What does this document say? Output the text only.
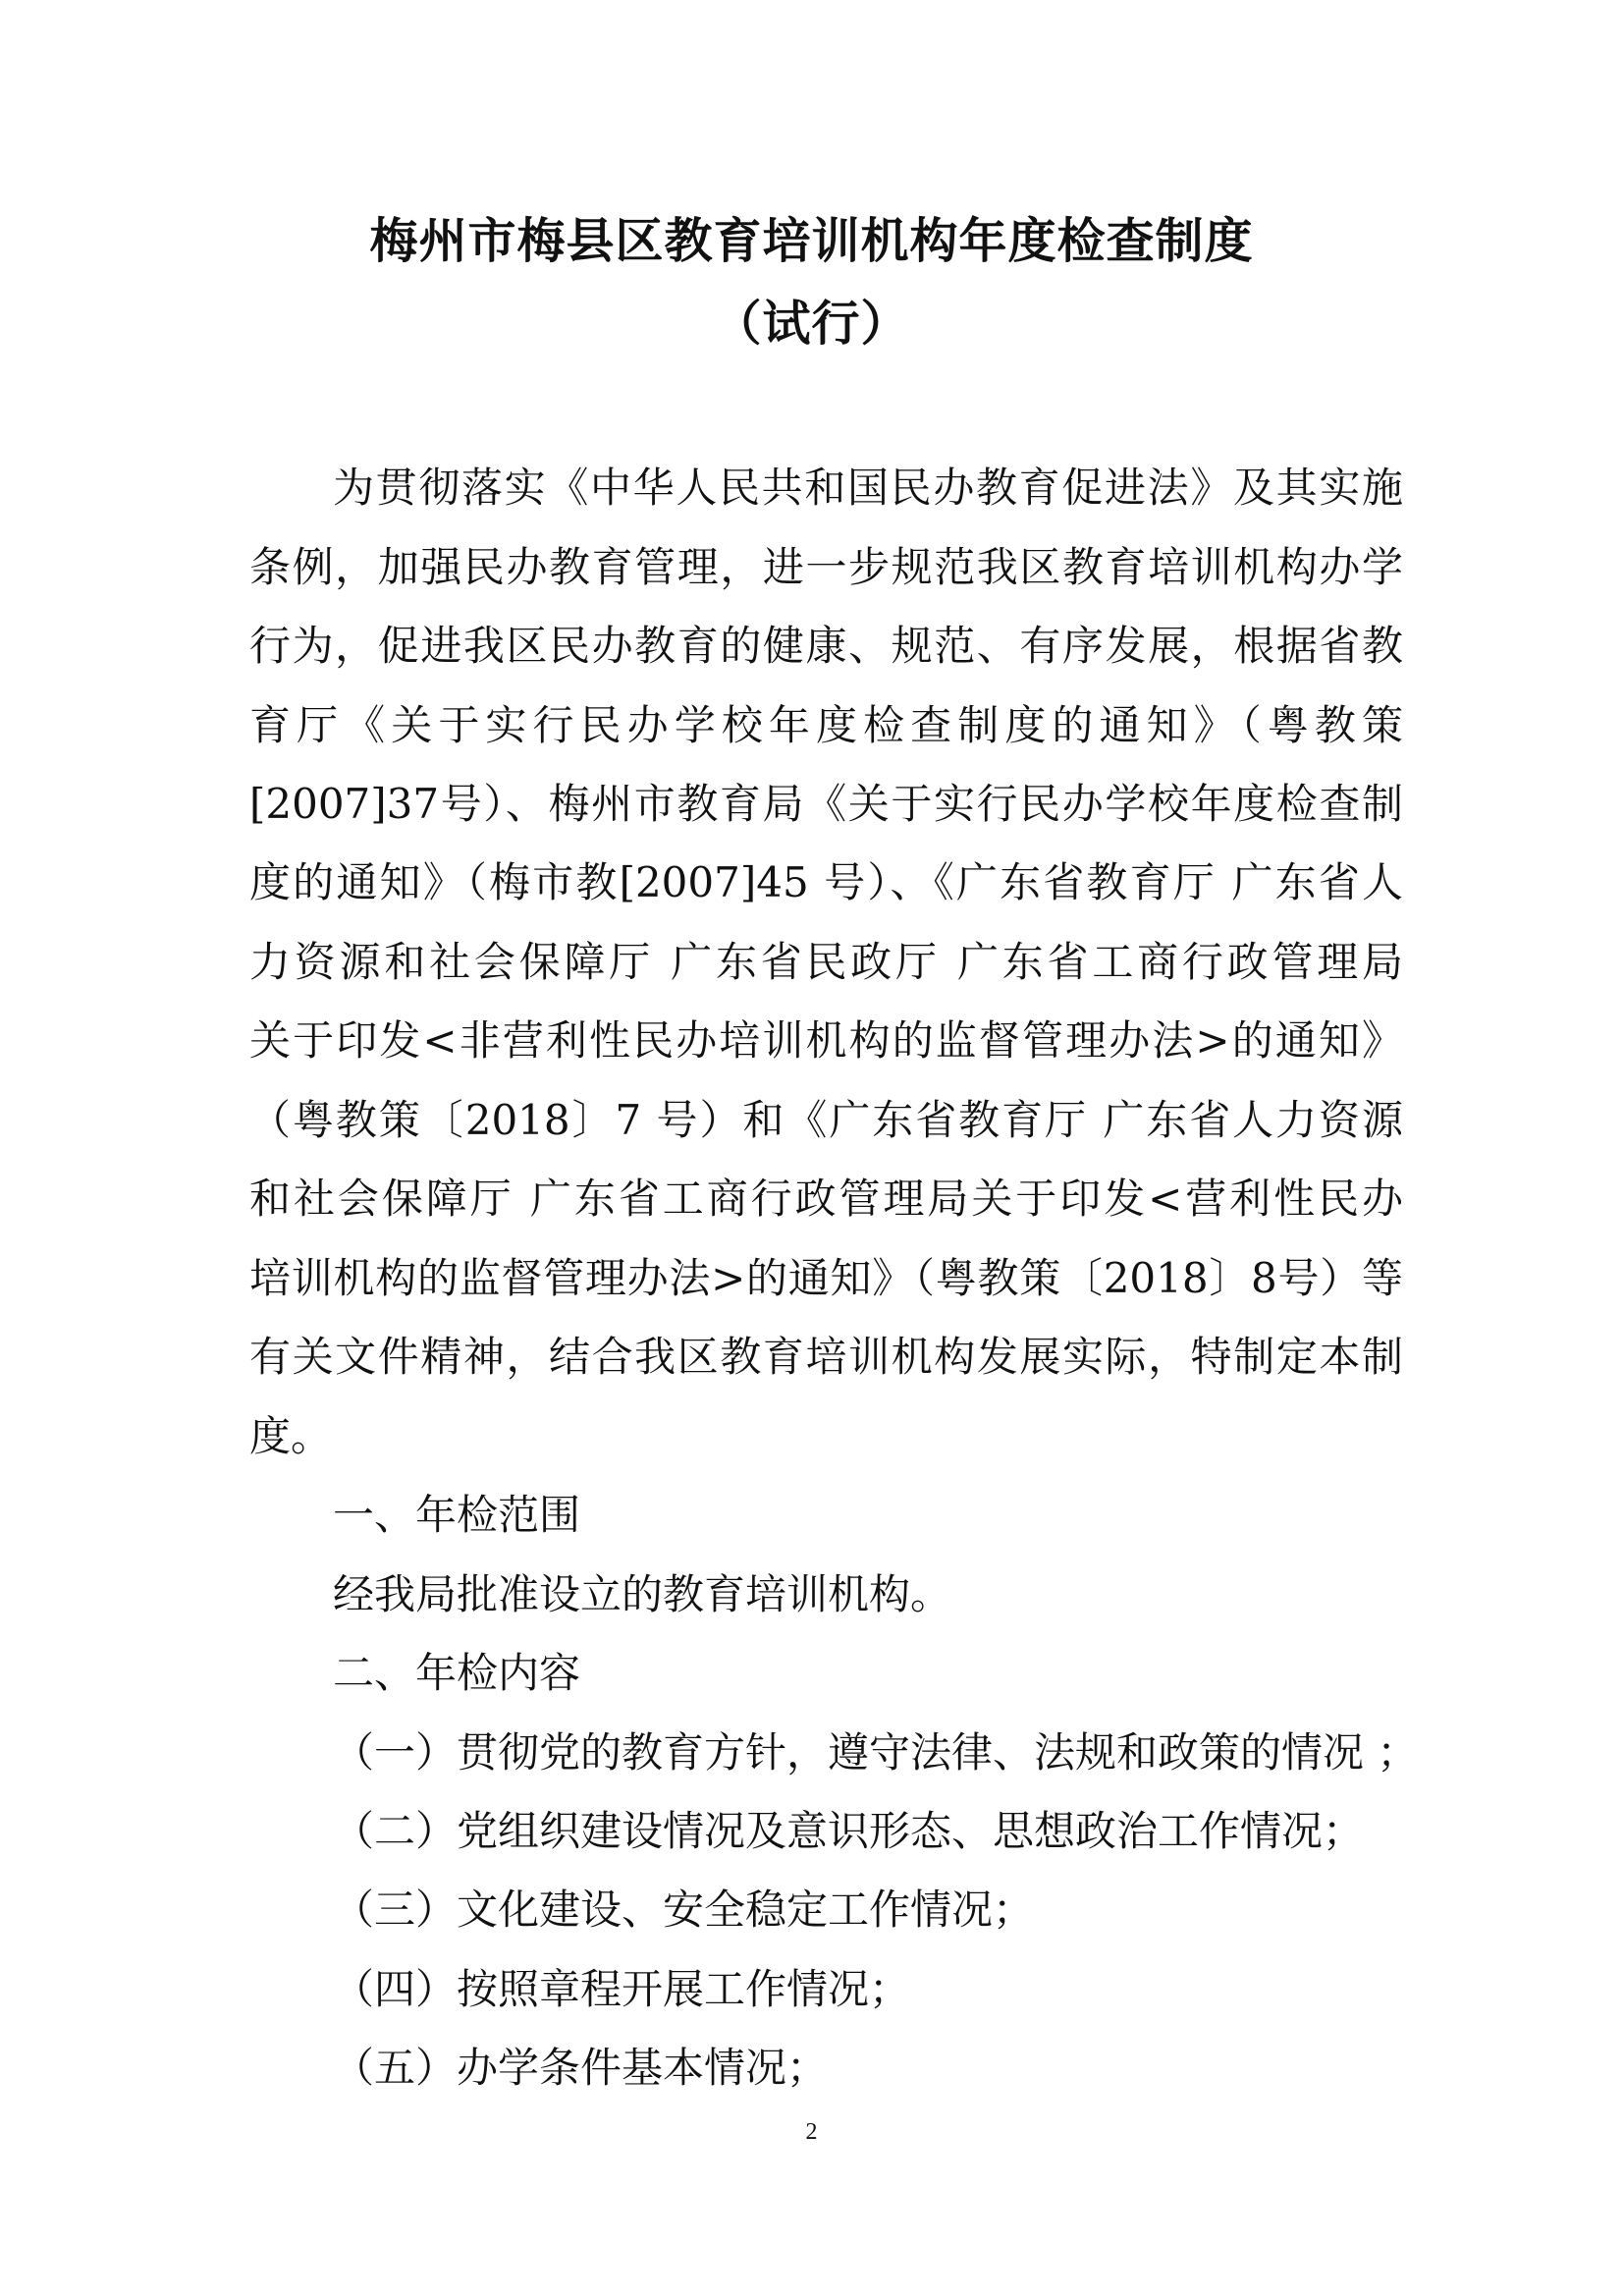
梅州市梅县区教育培训机构年度检查制度
（试行）
为贯彻落实《中华人民共和国民办教育促进法》及其实施
条例，加强民办教育管理，进一步规范我区教育培训机构办学
行为，促进我区民办教育的健康、规范、有序发展，根据省教
育厅《关于实行民办学校年度检查制度的通知》（粤教策
[2007]37号）、梅州市教育局《关于实行民办学校年度检查制
度的通知》（梅市教[2007]45 号）、《广东省教育厅 广东省人
力资源和社会保障厅 广东省民政厅 广东省工商行政管理局
关于印发<非营利性民办培训机构的监督管理办法>的通知》
（粤教策〔2018〕7 号）和《广东省教育厅 广东省人力资源
和社会保障厅 广东省工商行政管理局关于印发<营利性民办
培训机构的监督管理办法>的通知》（粤教策〔2018〕8号）等
有关文件精神，结合我区教育培训机构发展实际，特制定本制
度。
一、年检范围
经我局批准设立的教育培训机构。
二、年检内容
（一）贯彻党的教育方针，遵守法律、法规和政策的情况 ；
（二）党组织建设情况及意识形态、思想政治工作情况；
（三）文化建设、安全稳定工作情况；
（四）按照章程开展工作情况；
（五）办学条件基本情况；
2
